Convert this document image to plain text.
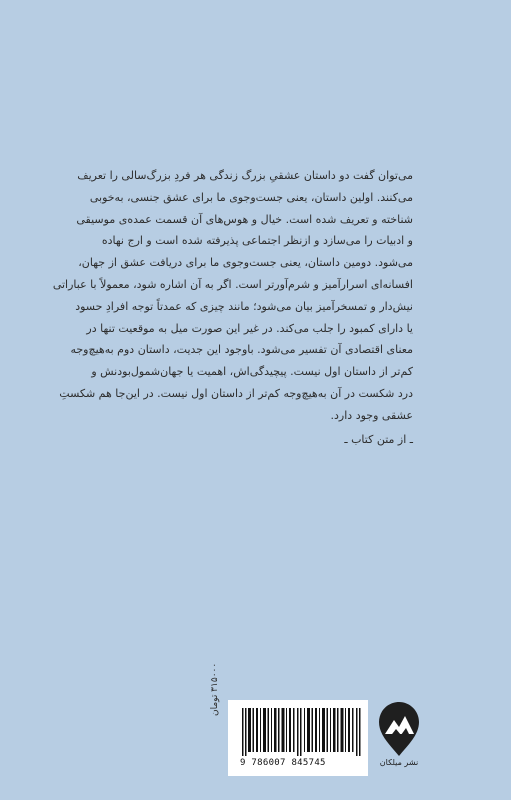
می‌توان گفت دو داستان عشقیِ بزرگ زندگی هر فردِ بزرگ‌سالی را تعریف
می‌کنند. اولین داستان، یعنی جست‌وجوی ما برای عشق جنسی، به‌خوبی
شناخته و تعریف شده است. خیال و هوس‌های آن قسمت عمده‌ی موسیقی
و ادبیات را می‌سازد و ازنظر اجتماعی پذیرفته شده است و ارج نهاده
می‌شود. دومین داستان، یعنی جست‌وجوی ما برای دریافت عشق از جهان،
افسانه‌ای اسرارآمیز و شرم‌آورتر است. اگر به آن اشاره شود، معمولاً با عباراتی
نیش‌دار و تمسخرآمیز بیان می‌شود؛ مانند چیزی که عمدتاً توجه افرادِ حسود
یا دارای کمبود را جلب می‌کند. در غیر این صورت میل به موقعیت تنها در
معنای اقتصادی آن تفسیر می‌شود. باوجود این جدیت، داستان دوم به‌هیچ‌وجه
کم‌تر از داستان اول نیست. پیچیدگی‌اش، اهمیت یا جهان‌شمول‌بودنش و
درد شکست در آن به‌هیچ‌وجه کم‌تر از داستان اول نیست. در این‌جا هم شکستِ
عشقی وجود دارد.
ـ از متن کتاب ـ
۳۱۵۰۰۰ تومان
9 786007 845745	نشر میلکان
